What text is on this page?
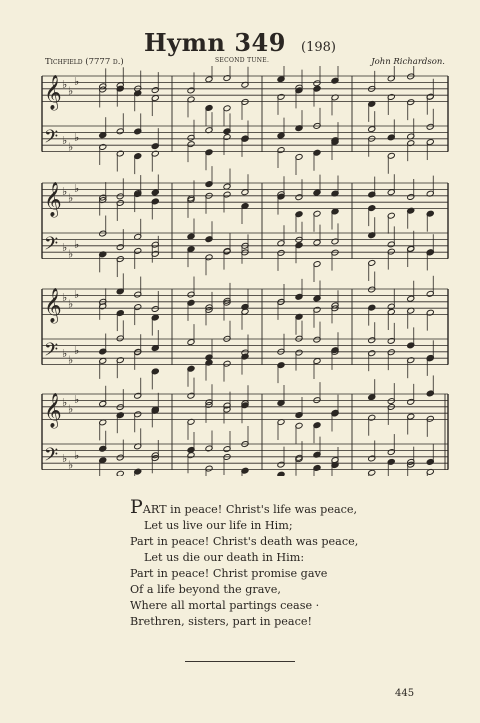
Hymn 349 (198)
Tichfield (7777 d.)	SECOND TUNE.	John Richardson.
𝄞 ♭ ♭
♭
𝄢 ♭ ♭
♭
𝄞 ♭ ♭
♭
𝄢 ♭ ♭
♭
𝄞 ♭ ♭
♭
𝄢 ♭ ♭
♭
𝄞 ♭ ♭
♭
𝄢 ♭ ♭
♭
PART in peace! Christ's life was peace,
Let us live our life in Him;
Part in peace! Christ's death was peace,
Let us die our death in Him:
Part in peace! Christ promise gave
Of a life beyond the grave,
Where all mortal partings cease ·
Brethren, sisters, part in peace!
445
